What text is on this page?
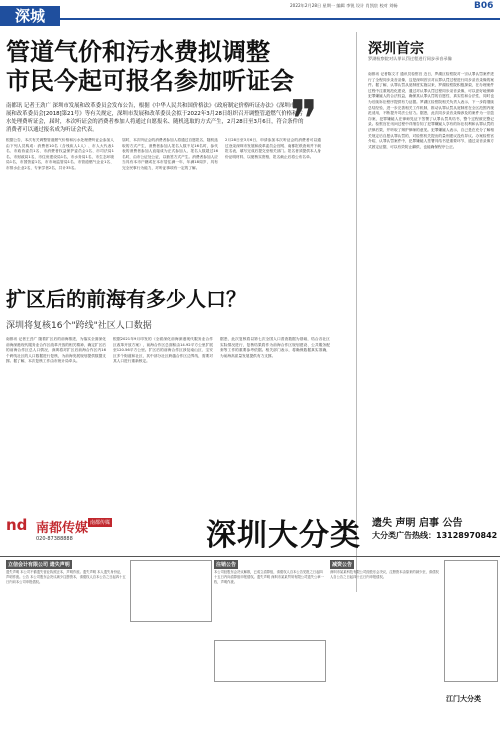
深城
2022年2月28日 星期一 编辑 李锐 设计 肖凯宸 校对 刘畅	B06
管道气价和污水费拟调整
市民今起可报名参加听证会
南都讯 记者王劲广 深圳市发展和改革委员会发布公告，根据《中华人民共和国价格法》《政府制定价格听证办法》《深圳市发展和改革委员会[2018]第21号》等有关规定，深圳市发展和改革委员会拟于2022年3月28日组织召开调整管道燃气价格和污水处理费听证会，届时，本次听证会的消费者参加人将通过自愿报名、随机选取的方式产生，2月28日至3月6日，符合条件的消费者可以通过报名成为听证会代表。	❞
根据公告，本次有关调整管道燃气价格和污水处理费听证会参加人由下列人员构成：消费者10名（含残疾人1人）、市人大代表1名、市政协委员1名、市消费者权益保护委员会1名、市司法局1名，市财政局1名，市住房建设局1名，市水务局1名，市生态环境局1名，市国资委1名，市市场监管局1名、市管道燃气企业1名、市排水企业2名，专家学者2名，共计35名。
届时，本次听证会的消费者参加人将通过自愿报名，随机选取的方式产生，消费者参加人报名人数不足16名时，参代表的消费者参加人直接成为正式参加人，报名人数超过16名时，由市公证处公证，以抽签方式产生。消费者参加人应当具有本市户籍或在本市居住满一年，年满18周岁，具有完全民事行为能力，对听证事项有一定的了解。
2月28日至3月6日，申请参加本次听证会的消费者可以通过登录深圳市发展和改革委员会官网、南都报纸查询并下载报名表，填写完成后提交至相关部门。报名者须提供本人身份证明材料，以便核实资格，报名截止后将公布名单。
深圳首宗
罗湖检察院对认罪认罚过程进行同步录音录像
南都讯 记者陈文才 通讯员检察官 近日，罗湖区检察院对一宗认罪认罚案件进行了全程同步录音录像，这是深圳首宗对认罪认罚过程进行同步录音录像的案件。据了解，认罪认罚从宽制度实施以来，罗湖检察院积极探索，在办理案件过程中注重规范化建设，通过对认罪认罚过程同步录音录像，可以更好地保障犯罪嫌疑人的合法权益，确保其认罪认罚的自愿性、真实性和合法性，同时也为后续诉讼程序提供有力证据。罗湖区检察院相关负责人表示，下一步将继续总结经验，进一步完善相关工作机制，推动认罪认罚从宽制度在全区范围内规范适用，不断提升司法公信力。据悉，此次同步录音录像涉及的案件为一宗盗窃案，犯罪嫌疑人在律师见证下签署了认罪认罚具结书，整个过程被完整记录。检察官在讯问过程中详细告知了犯罪嫌疑人享有的诉讼权利和认罪认罚的法律后果，并听取了辩护律师的意见。犯罪嫌疑人表示，自己是在充分了解相关规定后自愿认罪认罚的，对检察机关提出的量刑建议没有异议。办案检察官介绍，认罪认罚案件中，犯罪嫌疑人签署具结书是重要环节，通过录音录像方式固定证据，可以有效防止翻供，也能确保程序公正。
扩区后的前海有多少人口？
深圳将复核16个"跨线"社区人口数据
南都讯 记者王劲广 随着扩区后的前海推进，为落实全面深化前海深港现代服务业合作区改革开放的相关精神，确定扩区后的前海合作区总人口情况，深圳将对扩区后前海合作区内16个跨线社区的人口数据进行复核，为前海发展规划提供数据支撑。据了解，本次复核工作由市统计局牵头。
根据2021年9月印发的《全面深化前海深港现代服务业合作区改革开放方案》，前海合作区总面积由14.92平方公里扩展至120.56平方公里。扩区后的前海合作区涉及南山区、宝安区多个街道和社区，其中部分社区跨越合作区边界线，需要对其人口进行重新核定。
据悉，此次复核将以第七次全国人口普查数据为基础，结合各社区实际情况进行，复核结果将作为前海合作区规划建设、公共服务配套等工作的重要参考依据。相关部门表示，将确保数据真实准确，为前海高质量发展提供有力支撑。
nd 南都传媒 南都传媒
020-87388888	深圳大分类 遗失 声明 启事 公告
大分类广告热线：13128970842
立信会计有限公司 遗失声明
遗失声明 本公司不慎遗失营业执照正本，声明作废。遗失声明 本人遗失身份证，声明作废。公告 本公司股东会决议减少注册资本，请债权人自本公告之日起四十五日内向本公司申报债权。
注销公告
本公司经股东会决议解散，已成立清算组，请债权人自本公告见报之日起四十五日内向清算组申报债权。遗失声明 深圳市某某贸易有限公司遗失公章一枚，声明作废。
减资公告
深圳市某某科技有限公司经股东会决议，注册资本由原来的减少至，请债权人自公告之日起四十五日内申报债权。
江门大分类
